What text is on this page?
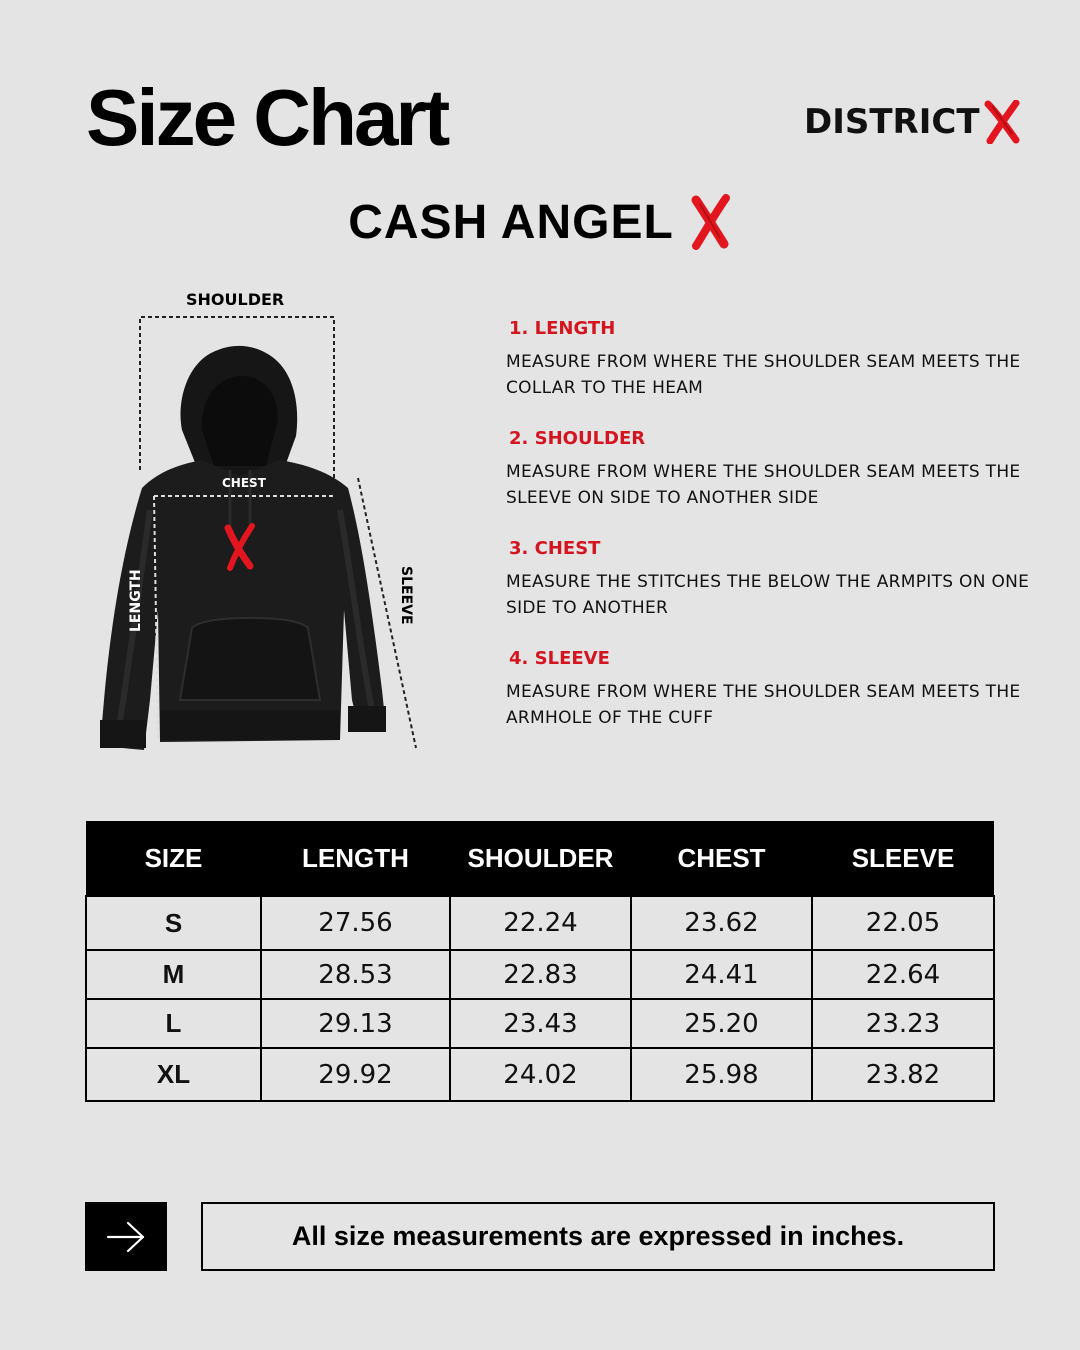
Size Chart	DISTRICT
CASH ANGEL
SHOULDER
CHEST
LENGTH	SLEEVE
1. LENGTH
MEASURE FROM WHERE THE SHOULDER SEAM MEETS THE COLLAR TO THE HEAM
2. SHOULDER
MEASURE FROM WHERE THE SHOULDER SEAM MEETS THE SLEEVE ON SIDE TO ANOTHER SIDE
3. CHEST
MEASURE THE STITCHES THE BELOW THE ARMPITS ON ONE SIDE TO ANOTHER
4. SLEEVE
MEASURE FROM WHERE THE SHOULDER SEAM MEETS THE ARMHOLE OF THE CUFF
SIZE	LENGTH	SHOULDER	CHEST	SLEEVE
S	27.56	22.24	23.62	22.05
M	28.53	22.83	24.41	22.64
L	29.13	23.43	25.20	23.23
XL	29.92	24.02	25.98	23.82
All size measurements are expressed in inches.
